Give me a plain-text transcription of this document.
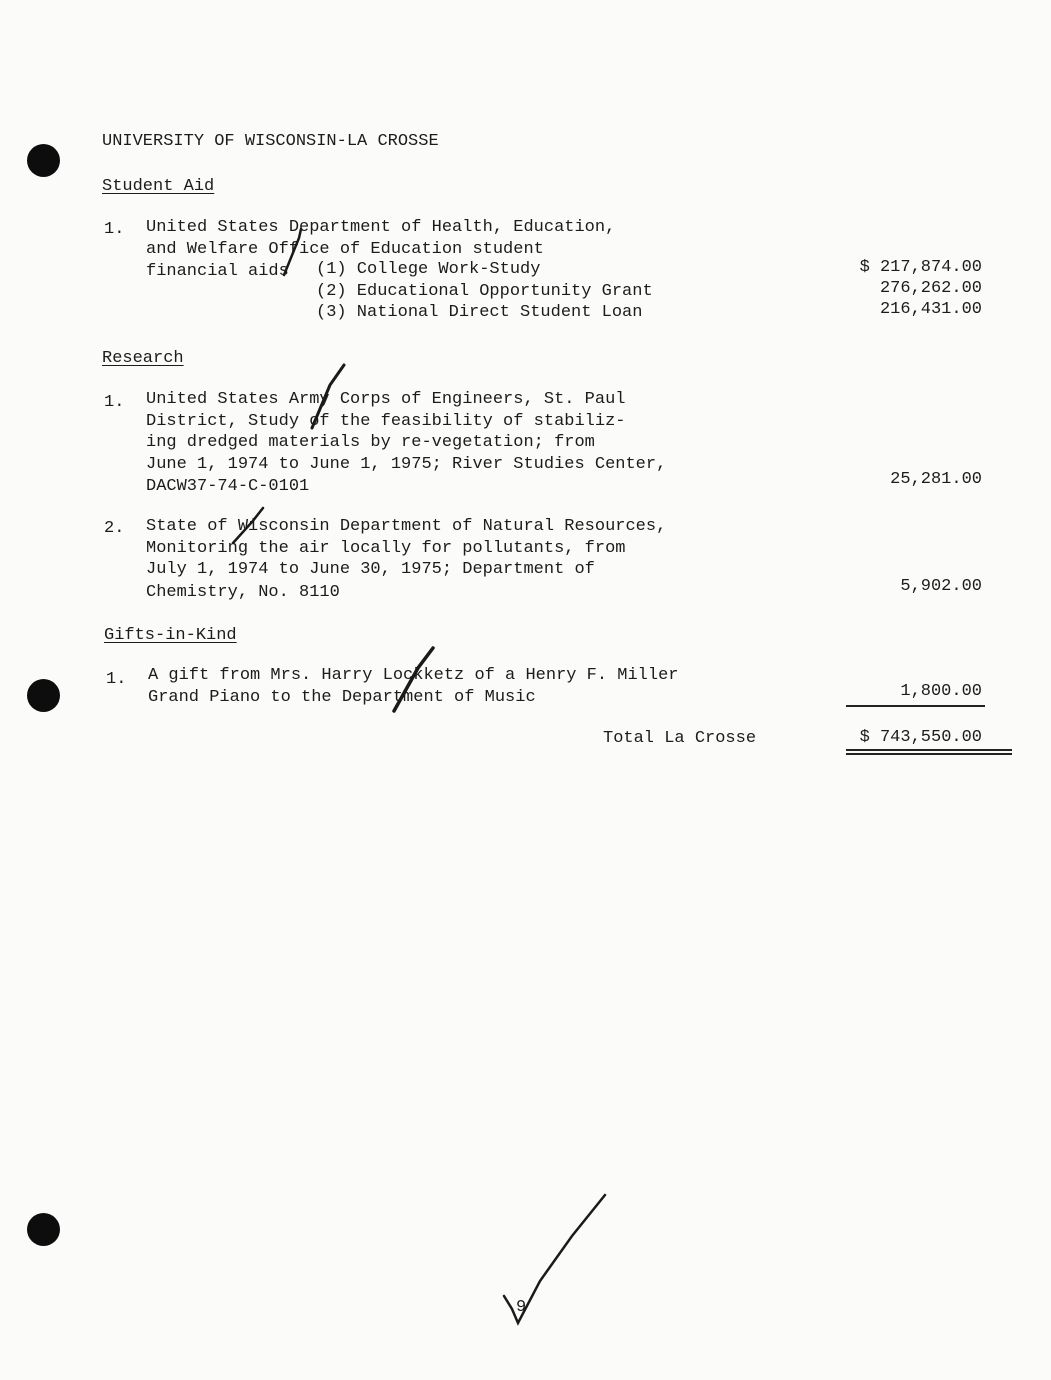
UNIVERSITY OF WISCONSIN-LA CROSSE
Student Aid
1. United States Department of Health, Education,
and Welfare Office of Education student
financial aids (1) College Work-Study	$ 217,874.00
(2) Educational Opportunity Grant	276,262.00
(3) National Direct Student Loan	216,431.00
Research
1. United States Army Corps of Engineers, St. Paul
District, Study of the feasibility of stabiliz-
ing dredged materials by re-vegetation; from
June 1, 1974 to June 1, 1975; River Studies Center,
DACW37-74-C-0101	25,281.00
2. State of Wisconsin Department of Natural Resources,
Monitoring the air locally for pollutants, from
July 1, 1974 to June 30, 1975; Department of
Chemistry, No. 8110	5,902.00
Gifts-in-Kind
1. A gift from Mrs. Harry Lockketz of a Henry F. Miller
Grand Piano to the Department of Music	1,800.00
Total La Crosse	$ 743,550.00
9
